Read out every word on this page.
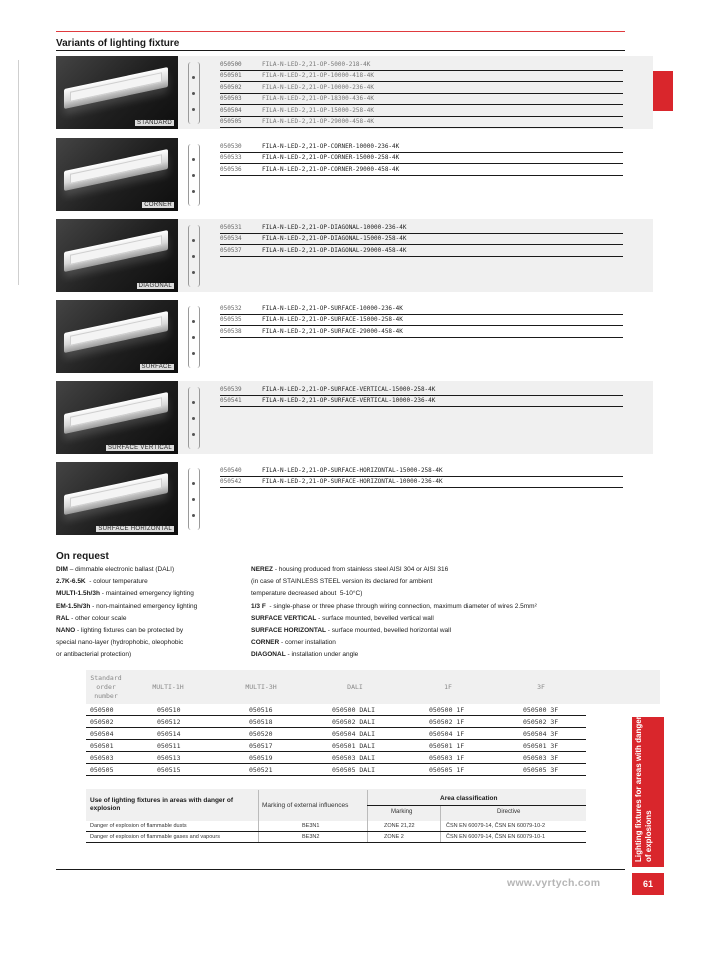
Variants of lighting fixture
STANDARD
050500	FILA-N-LED-2,21-OP-5000-218-4K
050501	FILA-N-LED-2,21-OP-10000-418-4K
050502	FILA-N-LED-2,21-OP-10000-236-4K
050503	FILA-N-LED-2,21-OP-18300-436-4K
050504	FILA-N-LED-2,21-OP-15000-258-4K
050505	FILA-N-LED-2,21-OP-29000-458-4K
CORNER
050530	FILA-N-LED-2,21-OP-CORNER-10000-236-4K
050533	FILA-N-LED-2,21-OP-CORNER-15000-258-4K
050536	FILA-N-LED-2,21-OP-CORNER-29000-458-4K
DIAGONAL
050531	FILA-N-LED-2,21-OP-DIAGONAL-10000-236-4K
050534	FILA-N-LED-2,21-OP-DIAGONAL-15000-258-4K
050537	FILA-N-LED-2,21-OP-DIAGONAL-29000-458-4K
SURFACE
050532	FILA-N-LED-2,21-OP-SURFACE-10000-236-4K
050535	FILA-N-LED-2,21-OP-SURFACE-15000-258-4K
050538	FILA-N-LED-2,21-OP-SURFACE-29000-458-4K
SURFACE VERTICAL
050539	FILA-N-LED-2,21-OP-SURFACE-VERTICAL-15000-258-4K
050541	FILA-N-LED-2,21-OP-SURFACE-VERTICAL-10000-236-4K
SURFACE HORIZONTAL
050540	FILA-N-LED-2,21-OP-SURFACE-HORIZONTAL-15000-258-4K
050542	FILA-N-LED-2,21-OP-SURFACE-HORIZONTAL-10000-236-4K
On request
DIM – dimmable electronic ballast (DALI)
2.7K-6.5K  - colour temperature
MULTI-1.5h/3h - maintained emergency lighting
EM-1.5h/3h - non-maintained emergency lighting
RAL - other colour scale
NANO - lighting fixtures can be protected by
special nano-layer (hydrophobic, oleophobic
or antibacterial protection)
NEREZ - housing produced from stainless steel AISI 304 or AISI 316
(in case of STAINLESS STEEL version its declared for ambient
temperature decreased about  5-10°C)
1/3 F  - single-phase or three phase through wiring connection, maximum diameter of wires 2.5mm²
SURFACE VERTICAL - surface mounted, bevelled vertical wall
SURFACE HORIZONTAL - surface mounted, bevelled horizontal wall
CORNER - corner installation
DIAGONAL - installation under angle
Standard
order
number
MULTI-1H	MULTI-3H	DALI	1F	3F
050500	050510	050516	050500 DALI	050500 1F	050500 3F
050502	050512	050518	050502 DALI	050502 1F	050502 3F
050504	050514	050520	050504 DALI	050504 1F	050504 3F
050501	050511	050517	050501 DALI	050501 1F	050501 3F
050503	050513	050519	050503 DALI	050503 1F	050503 3F
050505	050515	050521	050505 DALI	050505 1F	050505 3F
Use of lighting fixtures in areas with danger of explosion	Marking of external influences
Area classification
Marking	Directive
Danger of explosion of flammable dusts	BE3N1	ZONE 21,22	ČSN EN 60079-14, ČSN EN 60079-10-2
Danger of explosion of flammable gases and vapours	BE3N2	ZONE 2	ČSN EN 60079-14, ČSN EN 60079-10-1	Lighting fixtures for areas with danger of explosions
www.vyrtych.com	61
